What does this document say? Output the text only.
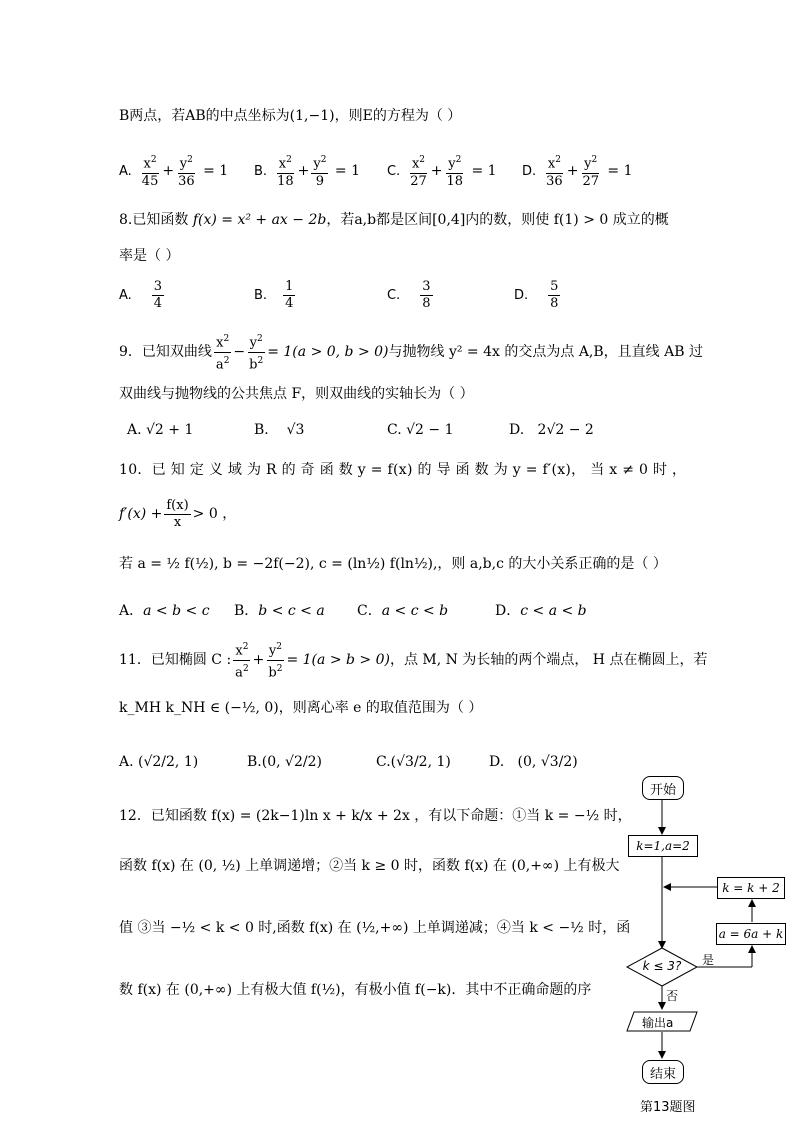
B两点，若AB的中点坐标为(1,−1)，则E的方程为（ ）
A. $\frac{x^2}{45} + \frac{y^2}{36} = 1$ B. $\frac{x^2}{18} + \frac{y^2}{9} = 1$ C. $\frac{x^2}{27} + \frac{y^2}{18} = 1$ D. $\frac{x^2}{36} + \frac{y^2}{27} = 1$
8.已知函数 f(x) = x² + ax − 2b，若a,b都是区间[0,4]内的数，则使 f(1) > 0 成立的概
率是（ ）
A. $\frac{3}{4}$	B. $\frac{1}{4}$	C. $\frac{3}{8}$	D. $\frac{5}{8}$
9． 已知双曲线 $\frac{x^2}{a^2} - \frac{y^2}{b^2} = 1(a > 0$, b > 0) 与抛物线 y² = 4x 的交点为点 A,B，且直线 AB 过
双曲线与抛物线的公共焦点 F，则双曲线的实轴长为（ ）
A. √2 + 1	B. √3	C. √2 − 1	D. 2√2 − 2
10．已 知 定 义 域 为 R 的 奇 函 数 y = f(x) 的 导 函 数 为 y = f′(x)， 当 x ≠ 0 时 ，
$f'(x) + \frac{f(x)}{x} > 0$ ，
若 a = ½ f(½), b = −2f(−2), c = (ln½) f(ln½),，则 a,b,c 的大小关系正确的是（ ）
A．a < b < c B．b < c < a C．a < c < b	D．c < a < b
11． 已知椭圆 C : $\frac{x^2}{a^2} + \frac{y^2}{b^2} = 1(a > b > 0)$ ，点 M, N 为长轴的两个端点， H 点在椭圆上，若
k_MH k_NH ∈ (−½, 0)，则离心率 e 的取值范围为（ ）
A. (√2/2, 1)	B.(0, √2/2)	C.(√3/2, 1)	D. (0, √3/2)
12．已知函数 f(x) = (2k−1)ln x + k/x + 2x ，有以下命题：①当 k = −½ 时，
函数 f(x) 在 (0, ½) 上单调递增；②当 k ≥ 0 时，函数 f(x) 在 (0,+∞) 上有极大
值 ③当 −½ < k < 0 时,函数 f(x) 在 (½,+∞) 上单调递减；④当 k < −½ 时，函
数 f(x) 在 (0,+∞) 上有极大值 f(½)，有极小值 f(−k)．其中不正确命题的序
开始
k=1,a=2
k = k + 2
a = 6a + k
k ≤ 3? 是
否
输出a
结束
第13题图
